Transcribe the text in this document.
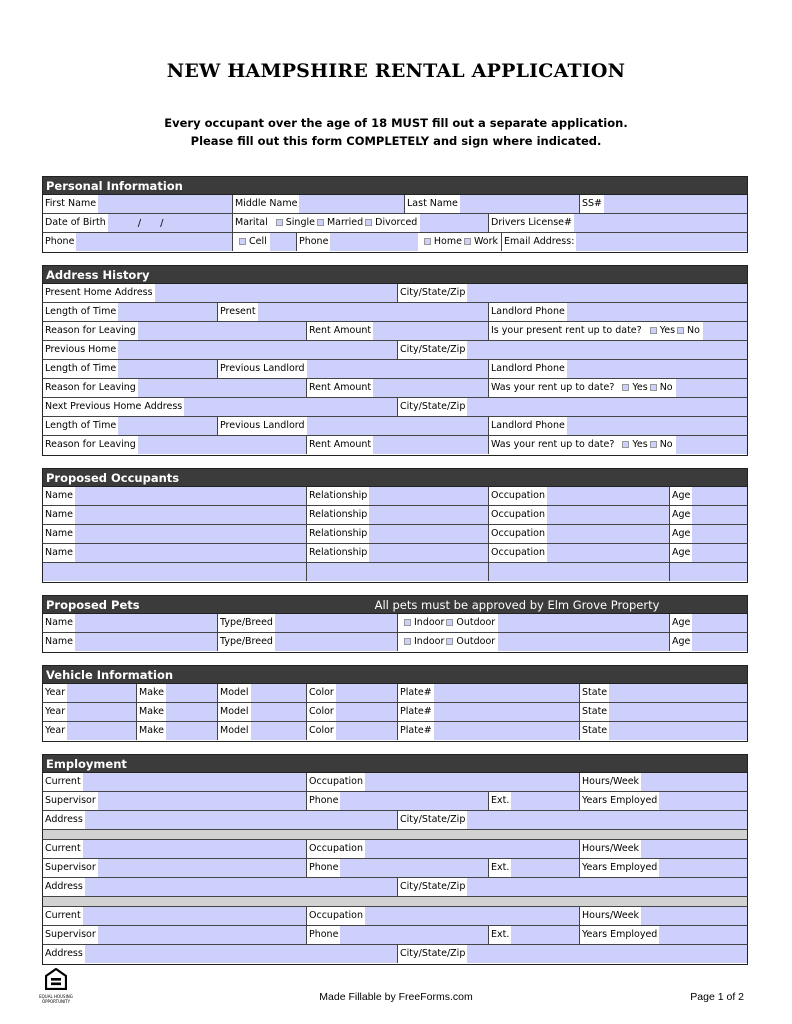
NEW HAMPSHIRE RENTAL APPLICATION
Every occupant over the age of 18 MUST fill out a separate application.
Please fill out this form COMPLETELY and sign where indicated.
Personal Information
First Name	Middle Name	Last Name	SS#
Date of Birth	/      /	Marital	Single Married Divorced	Drivers License#
Phone	Cell	Phone	Home Work Email Address:
Address History
Present Home Address	City/State/Zip
Length of Time	Present	Landlord Phone
Reason for Leaving	Rent Amount	Is your present rent up to date?	Yes No
Previous Home	City/State/Zip
Length of Time	Previous Landlord	Landlord Phone
Reason for Leaving	Rent Amount	Was your rent up to date?	Yes No
Next Previous Home Address	City/State/Zip
Length of Time	Previous Landlord	Landlord Phone
Reason for Leaving	Rent Amount	Was your rent up to date?	Yes No
Proposed Occupants
Name	Relationship	Occupation	Age
Name	Relationship	Occupation	Age
Name	Relationship	Occupation	Age
Name	Relationship	Occupation	Age
Proposed Pets	All pets must be approved by Elm Grove Property
Name	Type/Breed	Indoor Outdoor	Age
Name	Type/Breed	Indoor Outdoor	Age
Vehicle Information
Year	Make	Model	Color	Plate#	State
Year	Make	Model	Color	Plate#	State
Year	Make	Model	Color	Plate#	State
Employment
Current	Occupation	Hours/Week
Supervisor	Phone	Ext.	Years Employed
Address	City/State/Zip
Current	Occupation	Hours/Week
Supervisor	Phone	Ext.	Years Employed
Address	City/State/Zip
Current	Occupation	Hours/Week
Supervisor	Phone	Ext.	Years Employed
Address	City/State/Zip
EQUAL HOUSING OPPORTUNITY	Made Fillable by FreeForms.com	Page 1 of 2
